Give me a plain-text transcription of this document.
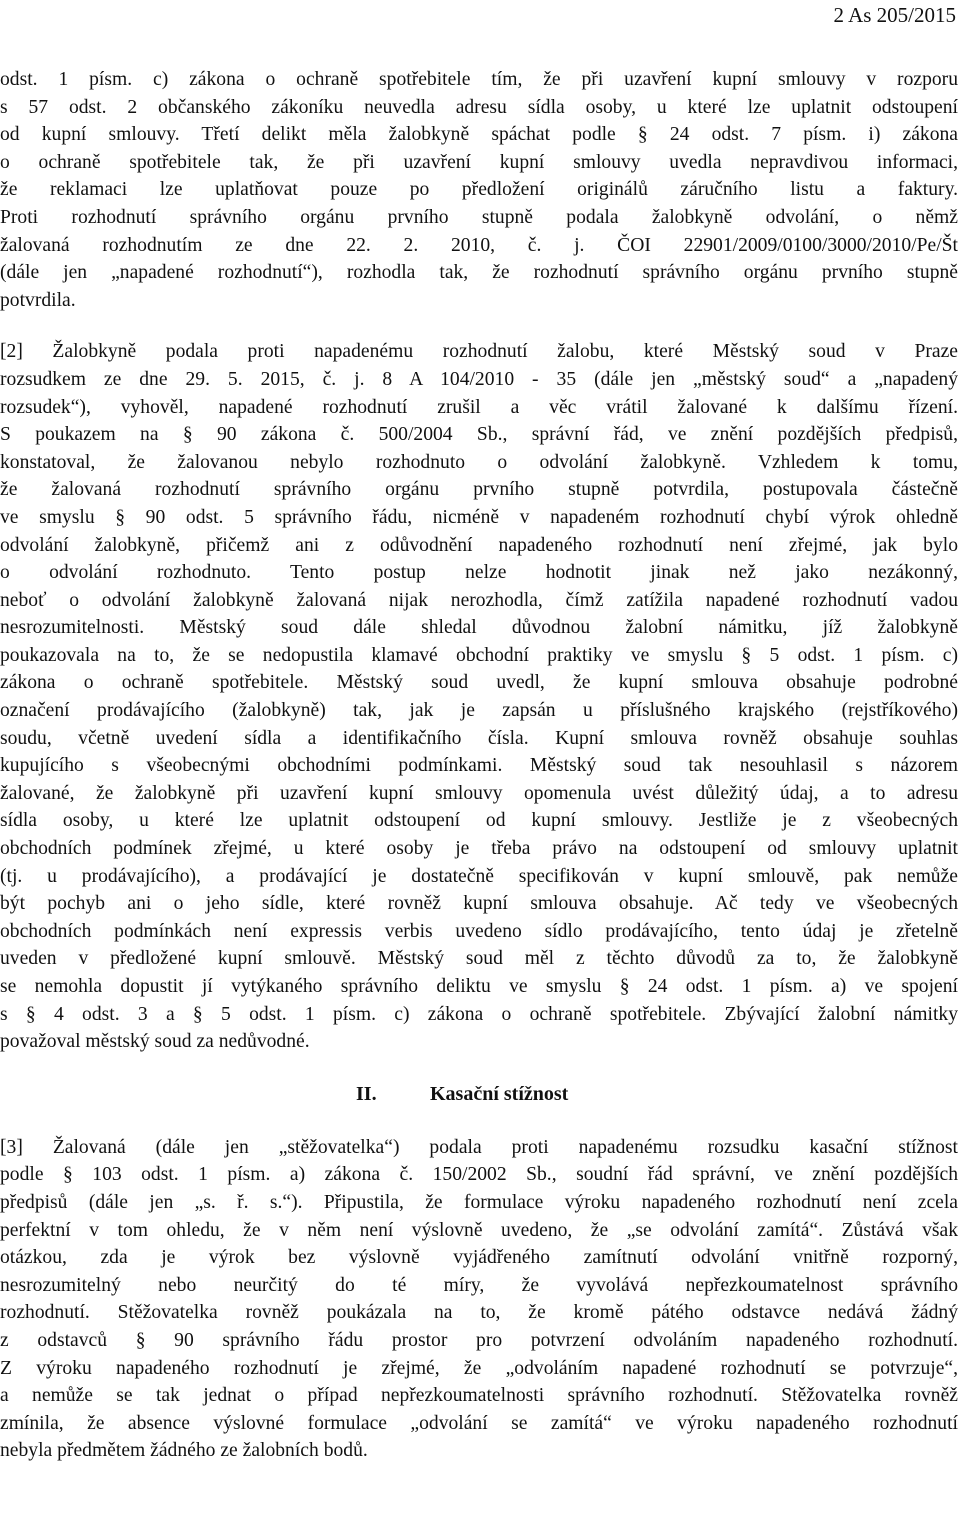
2 As 205/2015
odst. 1 písm. c) zákona o ochraně spotřebitele tím, že při uzavření kupní smlouvy v rozporu
s 57 odst. 2 občanského zákoníku neuvedla adresu sídla osoby, u které lze uplatnit odstoupení
od kupní smlouvy. Třetí delikt měla žalobkyně spáchat podle § 24 odst. 7 písm. i) zákona
o ochraně spotřebitele tak, že při uzavření kupní smlouvy uvedla nepravdivou informaci,
že reklamaci lze uplatňovat pouze po předložení originálů záručního listu a faktury.
Proti rozhodnutí správního orgánu prvního stupně podala žalobkyně odvolání, o němž
žalovaná rozhodnutím ze dne 22. 2. 2010, č. j. ČOI 22901/2009/0100/3000/2010/Pe/Št
(dále jen „napadené rozhodnutí“), rozhodla tak, že rozhodnutí správního orgánu prvního stupně
potvrdila.
[2] Žalobkyně podala proti napadenému rozhodnutí žalobu, které Městský soud v Praze
rozsudkem ze dne 29. 5. 2015, č. j. 8 A 104/2010 - 35 (dále jen „městský soud“ a „napadený
rozsudek“), vyhověl, napadené rozhodnutí zrušil a věc vrátil žalované k dalšímu řízení.
S poukazem na § 90 zákona č. 500/2004 Sb., správní řád, ve znění pozdějších předpisů,
konstatoval, že žalovanou nebylo rozhodnuto o odvolání žalobkyně. Vzhledem k tomu,
že žalovaná rozhodnutí správního orgánu prvního stupně potvrdila, postupovala částečně
ve smyslu § 90 odst. 5 správního řádu, nicméně v napadeném rozhodnutí chybí výrok ohledně
odvolání žalobkyně, přičemž ani z odůvodnění napadeného rozhodnutí není zřejmé, jak bylo
o odvolání rozhodnuto. Tento postup nelze hodnotit jinak než jako nezákonný,
neboť o odvolání žalobkyně žalovaná nijak nerozhodla, čímž zatížila napadené rozhodnutí vadou
nesrozumitelnosti. Městský soud dále shledal důvodnou žalobní námitku, jíž žalobkyně
poukazovala na to, že se nedopustila klamavé obchodní praktiky ve smyslu § 5 odst. 1 písm. c)
zákona o ochraně spotřebitele. Městský soud uvedl, že kupní smlouva obsahuje podrobné
označení prodávajícího (žalobkyně) tak, jak je zapsán u příslušného krajského (rejstříkového)
soudu, včetně uvedení sídla a identifikačního čísla. Kupní smlouva rovněž obsahuje souhlas
kupujícího s všeobecnými obchodními podmínkami. Městský soud tak nesouhlasil s názorem
žalované, že žalobkyně při uzavření kupní smlouvy opomenula uvést důležitý údaj, a to adresu
sídla osoby, u které lze uplatnit odstoupení od kupní smlouvy. Jestliže je z všeobecných
obchodních podmínek zřejmé, u které osoby je třeba právo na odstoupení od smlouvy uplatnit
(tj. u prodávajícího), a prodávající je dostatečně specifikován v kupní smlouvě, pak nemůže
být pochyb ani o jeho sídle, které rovněž kupní smlouva obsahuje. Ač tedy ve všeobecných
obchodních podmínkách není expressis verbis uvedeno sídlo prodávajícího, tento údaj je zřetelně
uveden v předložené kupní smlouvě. Městský soud měl z těchto důvodů za to, že žalobkyně
se nemohla dopustit jí vytýkaného správního deliktu ve smyslu § 24 odst. 1 písm. a) ve spojení
s § 4 odst. 3 a § 5 odst. 1 písm. c) zákona o ochraně spotřebitele. Zbývající žalobní námitky
považoval městský soud za nedůvodné.
II.	Kasační stížnost
[3] Žalovaná (dále jen „stěžovatelka“) podala proti napadenému rozsudku kasační stížnost
podle § 103 odst. 1 písm. a) zákona č. 150/2002 Sb., soudní řád správní, ve znění pozdějších
předpisů (dále jen „s. ř. s.“). Připustila, že formulace výroku napadeného rozhodnutí není zcela
perfektní v tom ohledu, že v něm není výslovně uvedeno, že „se odvolání zamítá“. Zůstává však
otázkou, zda je výrok bez výslovně vyjádřeného zamítnutí odvolání vnitřně rozporný,
nesrozumitelný nebo neurčitý do té míry, že vyvolává nepřezkoumatelnost správního
rozhodnutí. Stěžovatelka rovněž poukázala na to, že kromě pátého odstavce nedává žádný
z odstavců § 90 správního řádu prostor pro potvrzení odvoláním napadeného rozhodnutí.
Z výroku napadeného rozhodnutí je zřejmé, že „odvoláním napadené rozhodnutí se potvrzuje“,
a nemůže se tak jednat o případ nepřezkoumatelnosti správního rozhodnutí. Stěžovatelka rovněž
zmínila, že absence výslovné formulace „odvolání se zamítá“ ve výroku napadeného rozhodnutí
nebyla předmětem žádného ze žalobních bodů.
